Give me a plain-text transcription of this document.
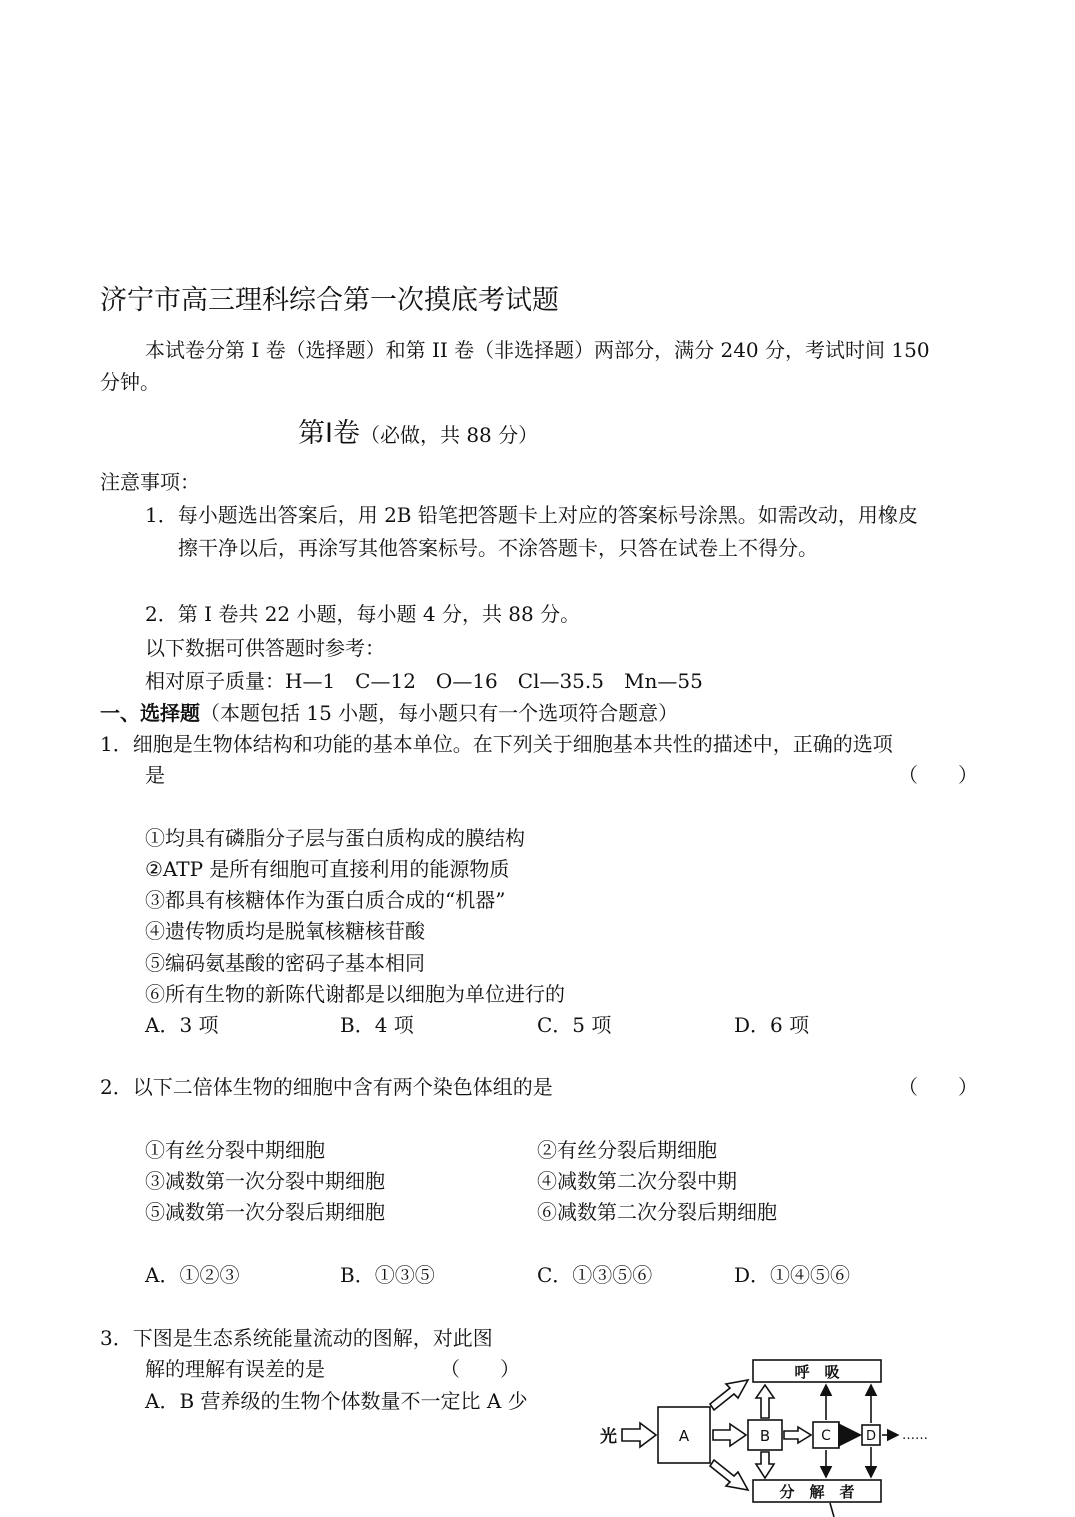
济宁市高三理科综合第一次摸底考试题
本试卷分第 I 卷（选择题）和第 II 卷（非选择题）两部分，满分 240 分，考试时间 150
分钟。
第Ⅰ卷（必做，共 88 分）
注意事项：
1．每小题选出答案后，用 2B 铅笔把答题卡上对应的答案标号涂黑。如需改动，用橡皮
擦干净以后，再涂写其他答案标号。不涂答题卡，只答在试卷上不得分。
2．第 I 卷共 22 小题，每小题 4 分，共 88 分。
以下数据可供答题时参考：
相对原子质量：H—1　C—12　O—16　Cl—35.5　Mn—55
一、选择题（本题包括 15 小题，每小题只有一个选项符合题意）
1．细胞是生物体结构和功能的基本单位。在下列关于细胞基本共性的描述中，正确的选项
是	（　　）
①均具有磷脂分子层与蛋白质构成的膜结构
②ATP 是所有细胞可直接利用的能源物质
③都具有核糖体作为蛋白质合成的“机器”
④遗传物质均是脱氧核糖核苷酸
⑤编码氨基酸的密码子基本相同
⑥所有生物的新陈代谢都是以细胞为单位进行的
A．3 项	B．4 项	C．5 项	D．6 项
2．以下二倍体生物的细胞中含有两个染色体组的是	（　　）
①有丝分裂中期细胞	②有丝分裂后期细胞
③减数第一次分裂中期细胞	④减数第二次分裂中期
⑤减数第一次分裂后期细胞	⑥减数第二次分裂后期细胞
A．①②③	B．①③⑤	C．①③⑤⑥	D．①④⑤⑥
3．下图是生态系统能量流动的图解，对此图
解的理解有误差的是	（　　）
A．B 营养级的生物个体数量不一定比 A 少
呼　吸
分　解　者
光	A	B	C	D ……
